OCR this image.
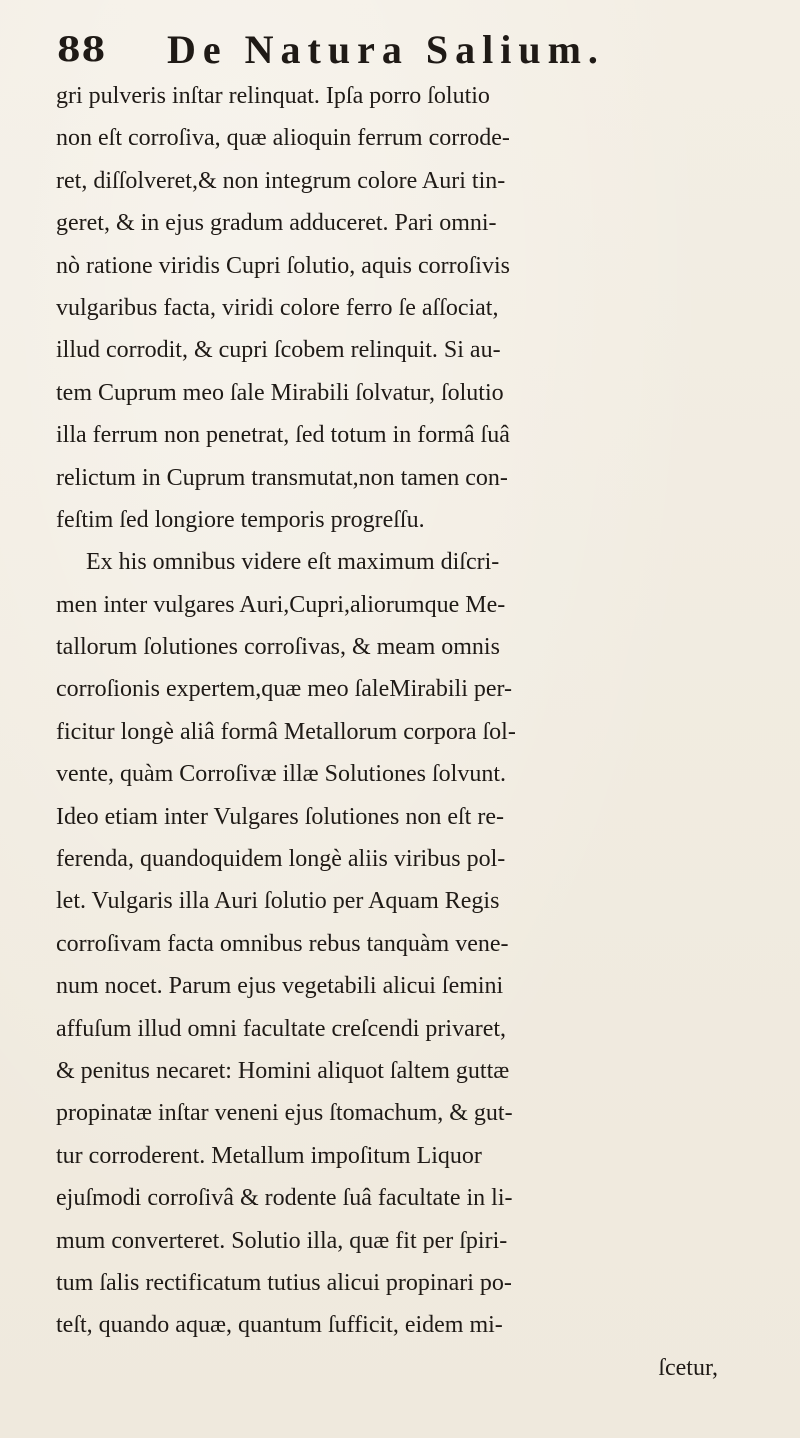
88 De Natura Salium.
gri pulveris inſtar relinquat. Ipſa porro ſolutio
non eſt corroſiva, quæ alioquin ferrum corrode-
ret, diſſolveret,& non integrum colore Auri tin-
geret, & in ejus gradum adduceret. Pari omni-
nò ratione viridis Cupri ſolutio, aquis corroſivis
vulgaribus facta, viridi colore ferro ſe aſſociat,
illud corrodit, & cupri ſcobem relinquit. Si au-
tem Cuprum meo ſale Mirabili ſolvatur, ſolutio
illa ferrum non penetrat, ſed totum in formâ ſuâ
relictum in Cuprum transmutat,non tamen con-
feſtim ſed longiore temporis progreſſu.
Ex his omnibus videre eſt maximum diſcri-
men inter vulgares Auri,Cupri,aliorumque Me-
tallorum ſolutiones corroſivas, & meam omnis
corroſionis expertem,quæ meo ſaleMirabili per-
ficitur longè aliâ formâ Metallorum corpora ſol-
vente, quàm Corroſivæ illæ Solutiones ſolvunt.
Ideo etiam inter Vulgares ſolutiones non eſt re-
ferenda, quandoquidem longè aliis viribus pol-
let. Vulgaris illa Auri ſolutio per Aquam Regis
corroſivam facta omnibus rebus tanquàm vene-
num nocet. Parum ejus vegetabili alicui ſemini
affuſum illud omni facultate creſcendi privaret,
& penitus necaret: Homini aliquot ſaltem guttæ
propinatæ inſtar veneni ejus ſtomachum, & gut-
tur corroderent. Metallum impoſitum Liquor
ejuſmodi corroſivâ & rodente ſuâ facultate in li-
mum converteret. Solutio illa, quæ fit per ſpiri-
tum ſalis rectificatum tutius alicui propinari po-
teſt, quando aquæ, quantum ſufficit, eidem mi-
ſcetur,
